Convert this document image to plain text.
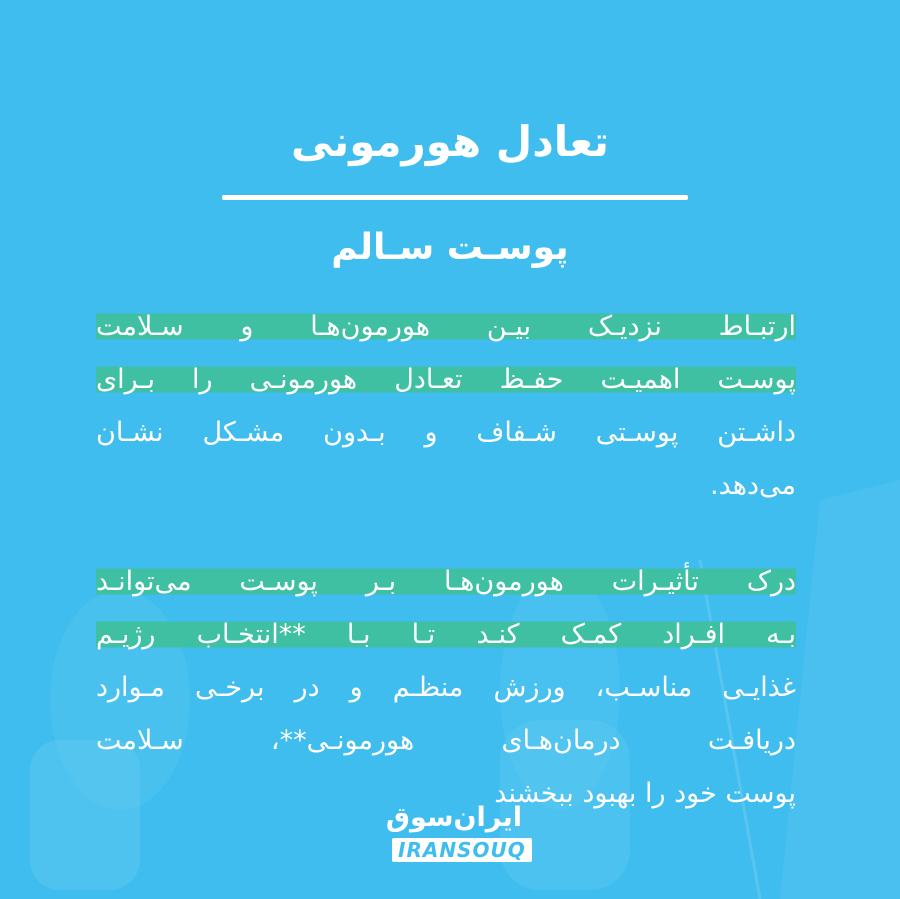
تعادل هورمونی
پوسـت سـالم
ارتبـاط نزدیـک بیـن هورمون‌هـا و سـلامت
پوسـت اهمیـت حفـظ تعـادل هورمونـی را بـرای
داشـتن پوسـتی شـفاف و بـدون مشـکل نشـان
می‌دهد.
درک تأثیـرات هورمون‌هـا بـر پوسـت می‌توانـد
بـه افـراد کمـک کنـد تـا بـا **انتخـاب رژیـم
غذایـی مناسـب، ورزش منظـم و در برخـی مـوارد
دریافـت درمان‌هـای هورمونـی**، سـلامت
پوست خود را بهبود ببخشند
ایران‌سوق
IRANSOUQ
